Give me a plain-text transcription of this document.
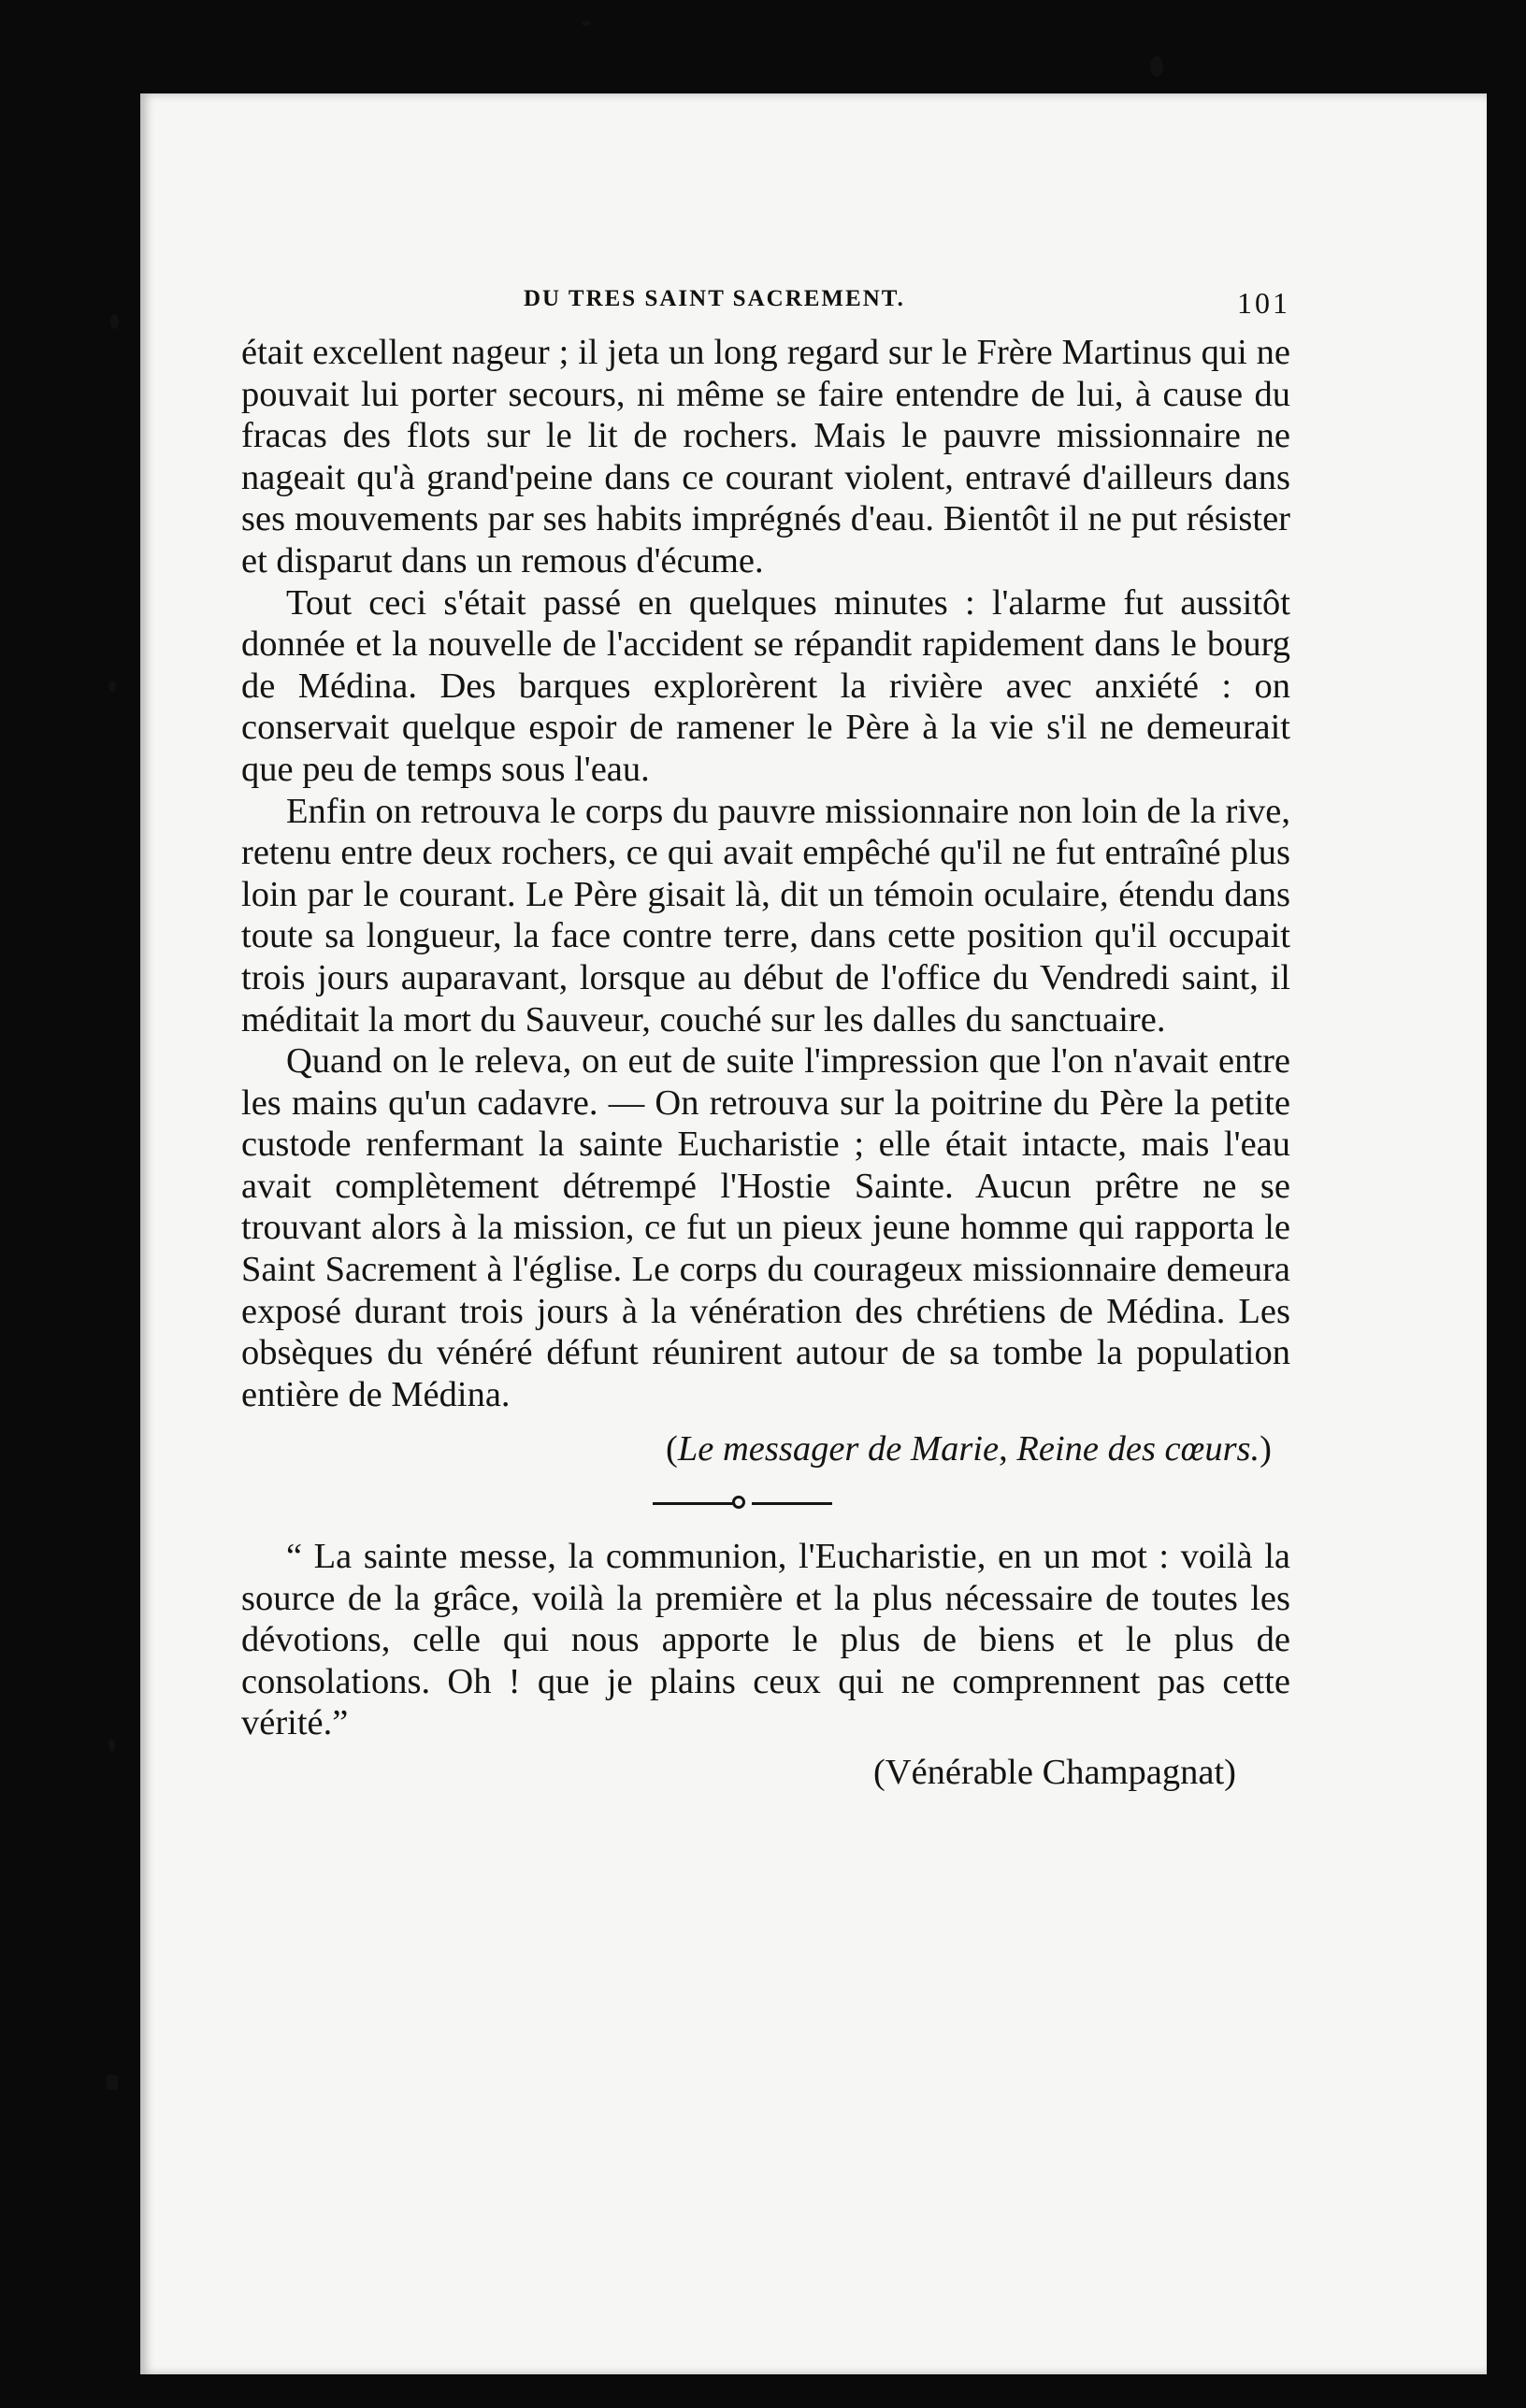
DU TRES SAINT SACREMENT.	101

était excellent nageur ; il jeta un long regard sur le Frère Martinus qui ne pouvait lui porter secours, ni même se faire entendre de lui, à cause du fracas des flots sur le lit de rochers. Mais le pauvre missionnaire ne nageait qu'à grand'peine dans ce courant violent, entravé d'ailleurs dans ses mouvements par ses habits imprégnés d'eau. Bientôt il ne put résister et disparut dans un remous d'écume.

Tout ceci s'était passé en quelques minutes : l'alarme fut aussitôt donnée et la nouvelle de l'accident se répandit rapidement dans le bourg de Médina. Des barques explorèrent la rivière avec anxiété : on conservait quelque espoir de ramener le Père à la vie s'il ne demeurait que peu de temps sous l'eau.

Enfin on retrouva le corps du pauvre missionnaire non loin de la rive, retenu entre deux rochers, ce qui avait empêché qu'il ne fut entraîné plus loin par le courant. Le Père gisait là, dit un témoin oculaire, étendu dans toute sa longueur, la face contre terre, dans cette position qu'il occupait trois jours auparavant, lorsque au début de l'office du Vendredi saint, il méditait la mort du Sauveur, couché sur les dalles du sanctuaire.

Quand on le releva, on eut de suite l'impression que l'on n'avait entre les mains qu'un cadavre. — On retrouva sur la poitrine du Père la petite custode renfermant la sainte Eucharistie ; elle était intacte, mais l'eau avait complètement détrempé l'Hostie Sainte. Aucun prêtre ne se trouvant alors à la mission, ce fut un pieux jeune homme qui rapporta le Saint Sacrement à l'église. Le corps du courageux missionnaire demeura exposé durant trois jours à la vénération des chrétiens de Médina. Les obsèques du vénéré défunt réunirent autour de sa tombe la population entière de Médina.

(Le messager de Marie, Reine des cœurs.)

“ La sainte messe, la communion, l'Eucharistie, en un mot : voilà la source de la grâce, voilà la première et la plus nécessaire de toutes les dévotions, celle qui nous apporte le plus de biens et le plus de consolations. Oh ! que je plains ceux qui ne comprennent pas cette vérité.”

(Vénérable Champagnat)
